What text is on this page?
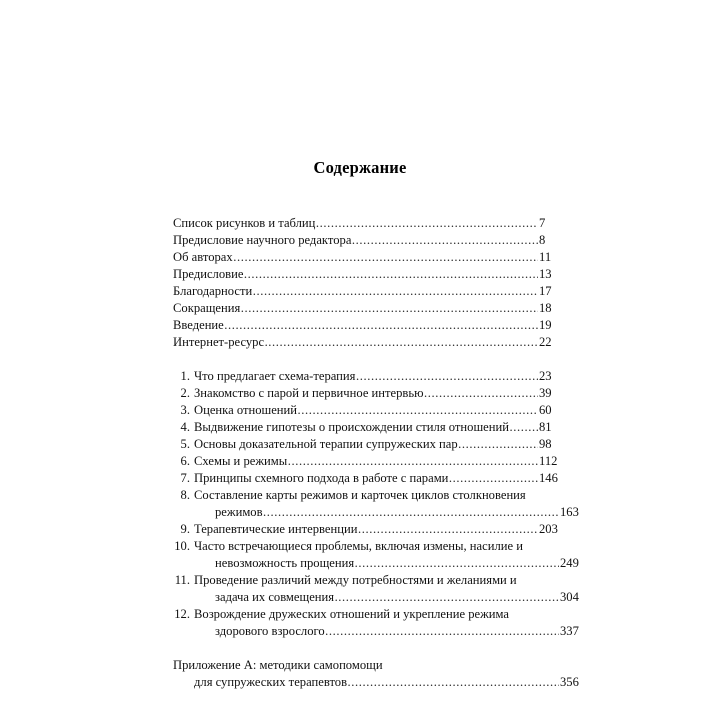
Содержание
Список рисунков и таблиц .....	7
Предисловие научного редактора .....	8
Об авторах .....	11
Предисловие .....	13
Благодарности .....	17
Сокращения .....	18
Введение .....	19
Интернет-ресурс .....	22
1. Что предлагает схема-терапия .....	23
2. Знакомство с парой и первичное интервью .....	39
3. Оценка отношений .....	60
4. Выдвижение гипотезы о происхождении стиля отношений ..... 81
5. Основы доказательной терапии супружеских пар .....	98
6. Схемы и режимы .....	112
7. Принципы схемного подхода в работе с парами .....	146
8. Составление карты режимов и карточек циклов столкновения
режимов .....	163
9. Терапевтические интервенции .....	203
10. Часто встречающиеся проблемы, включая измены, насилие и
невозможность прощения .....	249
11. Проведение различий между потребностями и желаниями и
задача их совмещения .....	304
12. Возрождение дружеских отношений и укрепление режима
здорового взрослого .....	337
Приложение А: методики самопомощи
для супружеских терапевтов .....	356
